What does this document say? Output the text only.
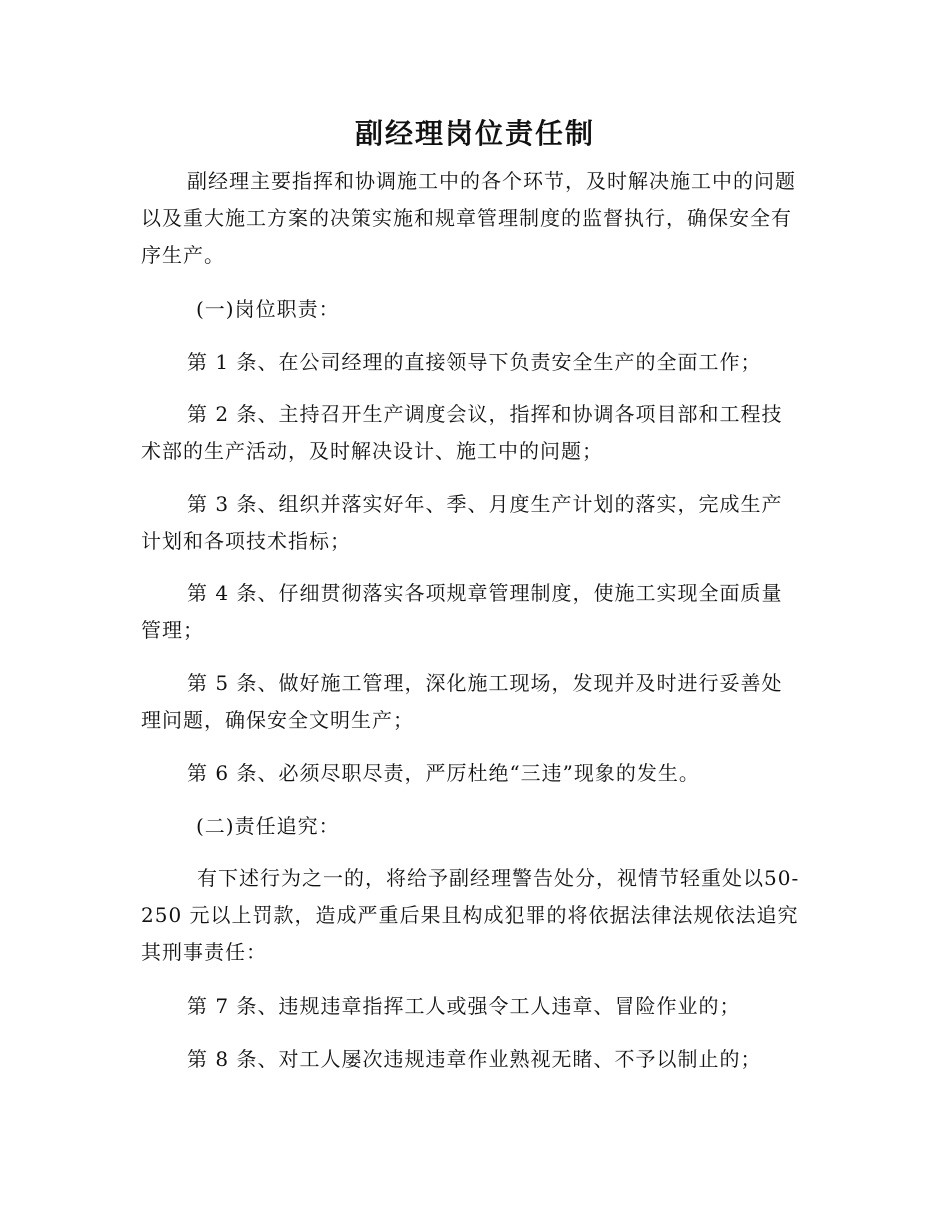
副经理岗位责任制

副经理主要指挥和协调施工中的各个环节，及时解决施工中的问题以及重大施工方案的决策实施和规章管理制度的监督执行，确保安全有序生产。

(一)岗位职责：

第 1 条、在公司经理的直接领导下负责安全生产的全面工作；

第 2 条、主持召开生产调度会议，指挥和协调各项目部和工程技术部的生产活动，及时解决设计、施工中的问题；

第 3 条、组织并落实好年、季、月度生产计划的落实，完成生产计划和各项技术指标；

第 4 条、仔细贯彻落实各项规章管理制度，使施工实现全面质量管理；

第 5 条、做好施工管理，深化施工现场，发现并及时进行妥善处理问题，确保安全文明生产；

第 6 条、必须尽职尽责，严厉杜绝“三违”现象的发生。

(二)责任追究：

有下述行为之一的，将给予副经理警告处分，视情节轻重处以50-250 元以上罚款，造成严重后果且构成犯罪的将依据法律法规依法追究其刑事责任：

第 7 条、违规违章指挥工人或强令工人违章、冒险作业的；

第 8 条、对工人屡次违规违章作业熟视无睹、不予以制止的；
